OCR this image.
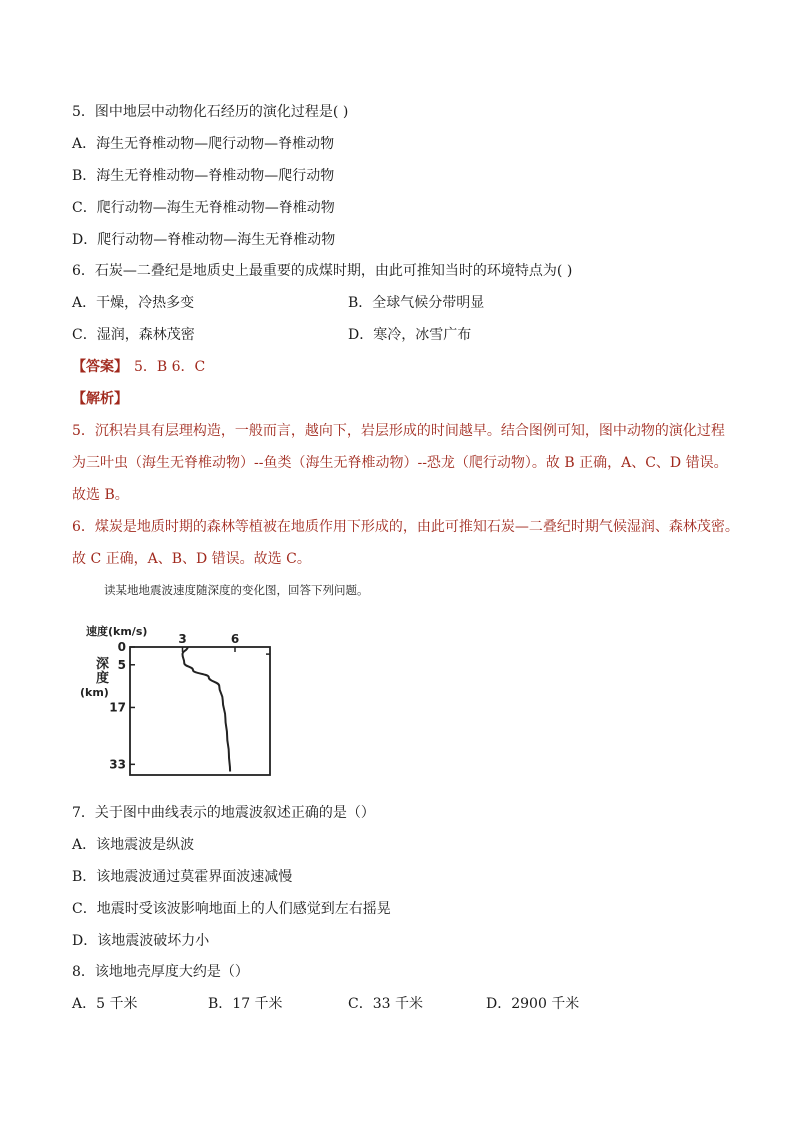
5．图中地层中动物化石经历的演化过程是( )
A．海生无脊椎动物—爬行动物—脊椎动物
B．海生无脊椎动物—脊椎动物—爬行动物
C．爬行动物—海生无脊椎动物—脊椎动物
D．爬行动物—脊椎动物—海生无脊椎动物
6．石炭—二叠纪是地质史上最重要的成煤时期，由此可推知当时的环境特点为( )
A．干燥，冷热多变	B．全球气候分带明显
C．湿润，森林茂密	D．寒冷，冰雪广布
【答案】 5．B 6．C
【解析】
5．沉积岩具有层理构造，一般而言，越向下，岩层形成的时间越早。结合图例可知，图中动物的演化过程
为三叶虫（海生无脊椎动物）--鱼类（海生无脊椎动物）--恐龙（爬行动物）。故 B 正确，A、C、D 错误。
故选 B。
6．煤炭是地质时期的森林等植被在地质作用下形成的，由此可推知石炭—二叠纪时期气候湿润、森林茂密。
故 C 正确，A、B、D 错误。故选 C。
读某地地震波速度随深度的变化图，回答下列问题。
速度(km/s)
深
度
(km)
3	6
0
5
17
33
7．关于图中曲线表示的地震波叙述正确的是（）
A．该地震波是纵波
B．该地震波通过莫霍界面波速减慢
C．地震时受该波影响地面上的人们感觉到左右摇晃
D．该地震波破坏力小
8．该地地壳厚度大约是（）
A．5 千米	B．17 千米	C．33 千米	D．2900 千米
